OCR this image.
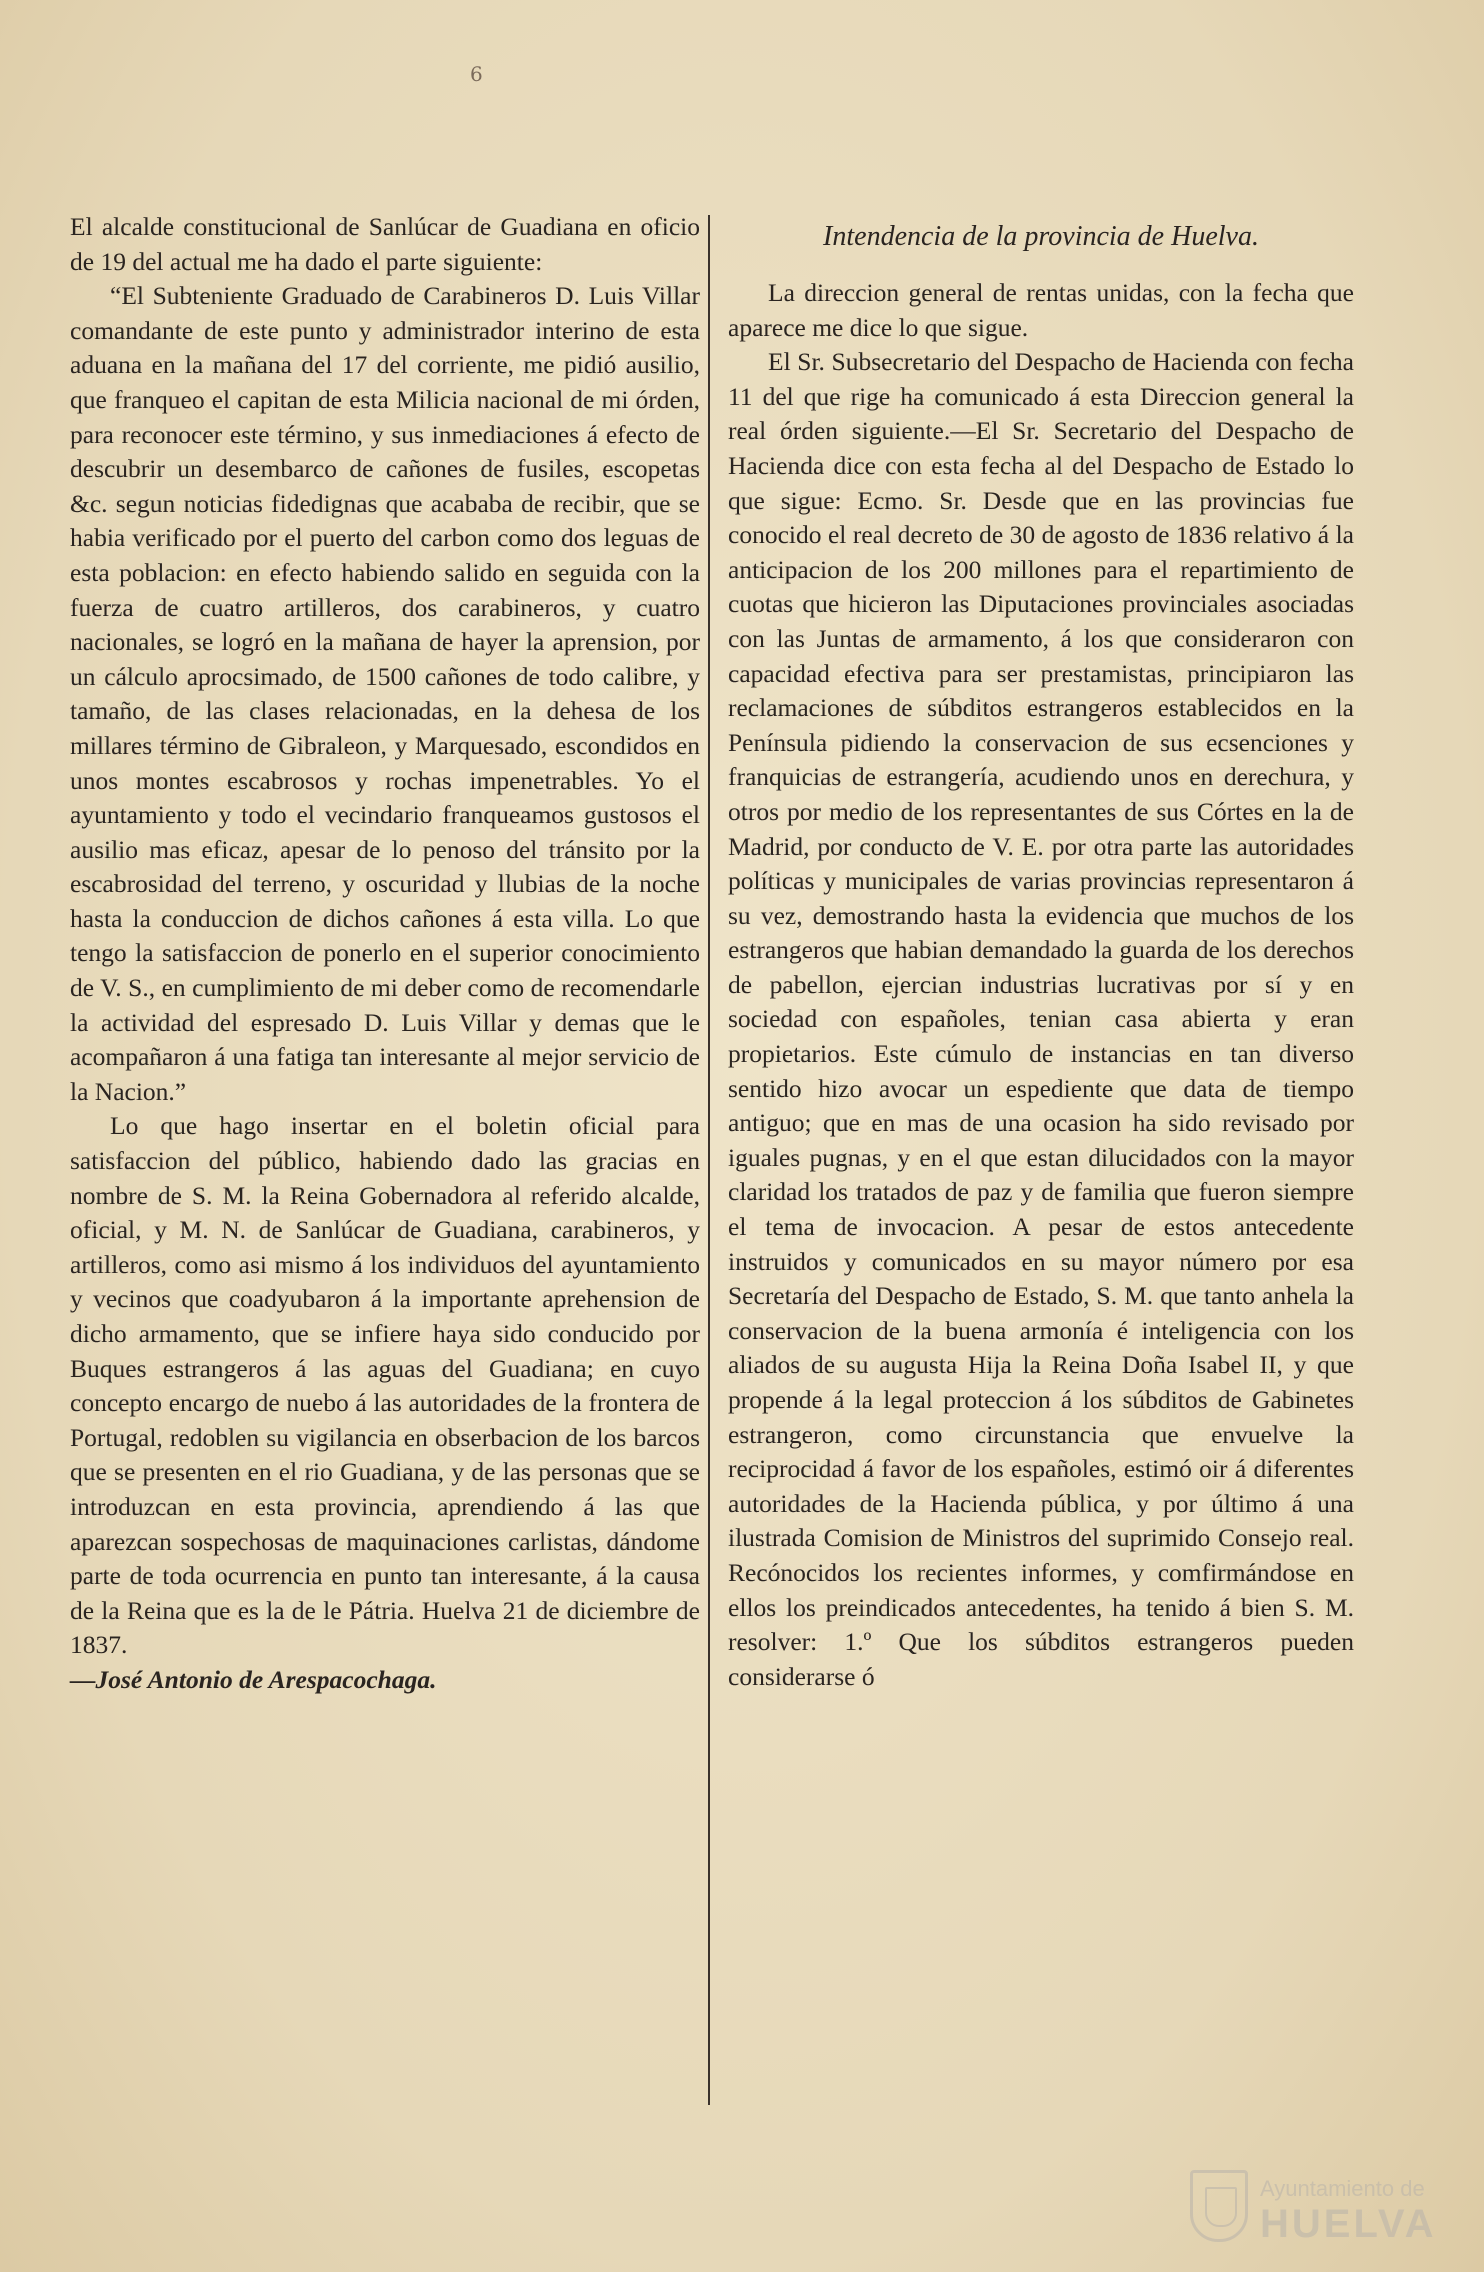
6

El alcalde constitucional de Sanlúcar de Guadiana en oficio de 19 del actual me ha dado el parte siguiente:

“El Subteniente Graduado de Carabineros D. Luis Villar comandante de este punto y administrador interino de esta aduana en la mañana del 17 del corriente, me pidió ausilio, que franqueo el capitan de esta Milicia nacional de mi órden, para reconocer este término, y sus inmediaciones á efecto de descubrir un desembarco de cañones de fusiles, escopetas &c. segun noticias fidedignas que acababa de recibir, que se habia verificado por el puerto del carbon como dos leguas de esta poblacion: en efecto habiendo salido en seguida con la fuerza de cuatro artilleros, dos carabineros, y cuatro nacionales, se logró en la mañana de hayer la aprension, por un cálculo aprocsimado, de 1500 cañones de todo calibre, y tamaño, de las clases relacionadas, en la dehesa de los millares término de Gibraleon, y Marquesado, escondidos en unos montes escabrosos y rochas impenetrables. Yo el ayuntamiento y todo el vecindario franqueamos gustosos el ausilio mas eficaz, apesar de lo penoso del tránsito por la escabrosidad del terreno, y oscuridad y llubias de la noche hasta la conduccion de dichos cañones á esta villa. Lo que tengo la satisfaccion de ponerlo en el superior conocimiento de V. S., en cumplimiento de mi deber como de recomendarle la actividad del espresado D. Luis Villar y demas que le acompañaron á una fatiga tan interesante al mejor servicio de la Nacion.”

Lo que hago insertar en el boletin oficial para satisfaccion del público, habiendo dado las gracias en nombre de S. M. la Reina Gobernadora al referido alcalde, oficial, y M. N. de Sanlúcar de Guadiana, carabineros, y artilleros, como asi mismo á los individuos del ayuntamiento y vecinos que coadyubaron á la importante aprehension de dicho armamento, que se infiere haya sido conducido por Buques estrangeros á las aguas del Guadiana; en cuyo concepto encargo de nuebo á las autoridades de la frontera de Portugal, redoblen su vigilancia en obserbacion de los barcos que se presenten en el rio Guadiana, y de las personas que se introduzcan en esta provincia, aprendiendo á las que aparezcan sospechosas de maquinaciones carlistas, dándome parte de toda ocurrencia en punto tan interesante, á la causa de la Reina que es la de le Pátria. Huelva 21 de diciembre de 1837.

—José Antonio de Arespacochaga.

Intendencia de la provincia de Huelva.

La direccion general de rentas unidas, con la fecha que aparece me dice lo que sigue.

El Sr. Subsecretario del Despacho de Hacienda con fecha 11 del que rige ha comunicado á esta Direccion general la real órden siguiente.—El Sr. Secretario del Despacho de Hacienda dice con esta fecha al del Despacho de Estado lo que sigue: Ecmo. Sr. Desde que en las provincias fue conocido el real decreto de 30 de agosto de 1836 relativo á la anticipacion de los 200 millones para el repartimiento de cuotas que hicieron las Diputaciones provinciales asociadas con las Juntas de armamento, á los que consideraron con capacidad efectiva para ser prestamistas, principiaron las reclamaciones de súbditos estrangeros establecidos en la Península pidiendo la conservacion de sus ecsenciones y franquicias de estrangería, acudiendo unos en derechura, y otros por medio de los representantes de sus Córtes en la de Madrid, por conducto de V. E. por otra parte las autoridades políticas y municipales de varias provincias representaron á su vez, demostrando hasta la evidencia que muchos de los estrangeros que habian demandado la guarda de los derechos de pabellon, ejercian industrias lucrativas por sí y en sociedad con españoles, tenian casa abierta y eran propietarios. Este cúmulo de instancias en tan diverso sentido hizo avocar un espediente que data de tiempo antiguo; que en mas de una ocasion ha sido revisado por iguales pugnas, y en el que estan dilucidados con la mayor claridad los tratados de paz y de familia que fueron siempre el tema de invocacion. A pesar de estos antecedente instruidos y comunicados en su mayor número por esa Secretaría del Despacho de Estado, S. M. que tanto anhela la conservacion de la buena armonía é inteligencia con los aliados de su augusta Hija la Reina Doña Isabel II, y que propende á la legal proteccion á los súbditos de Gabinetes estrangeron, como circunstancia que envuelve la reciprocidad á favor de los españoles, estimó oir á diferentes autoridades de la Hacienda pública, y por último á una ilustrada Comision de Ministros del suprimido Consejo real. Recónocidos los recientes informes, y comfirmándose en ellos los preindicados antecedentes, ha tenido á bien S. M. resolver: 1.º Que los súbditos estrangeros pueden considerarse ó

Ayuntamiento de
HUELVA
